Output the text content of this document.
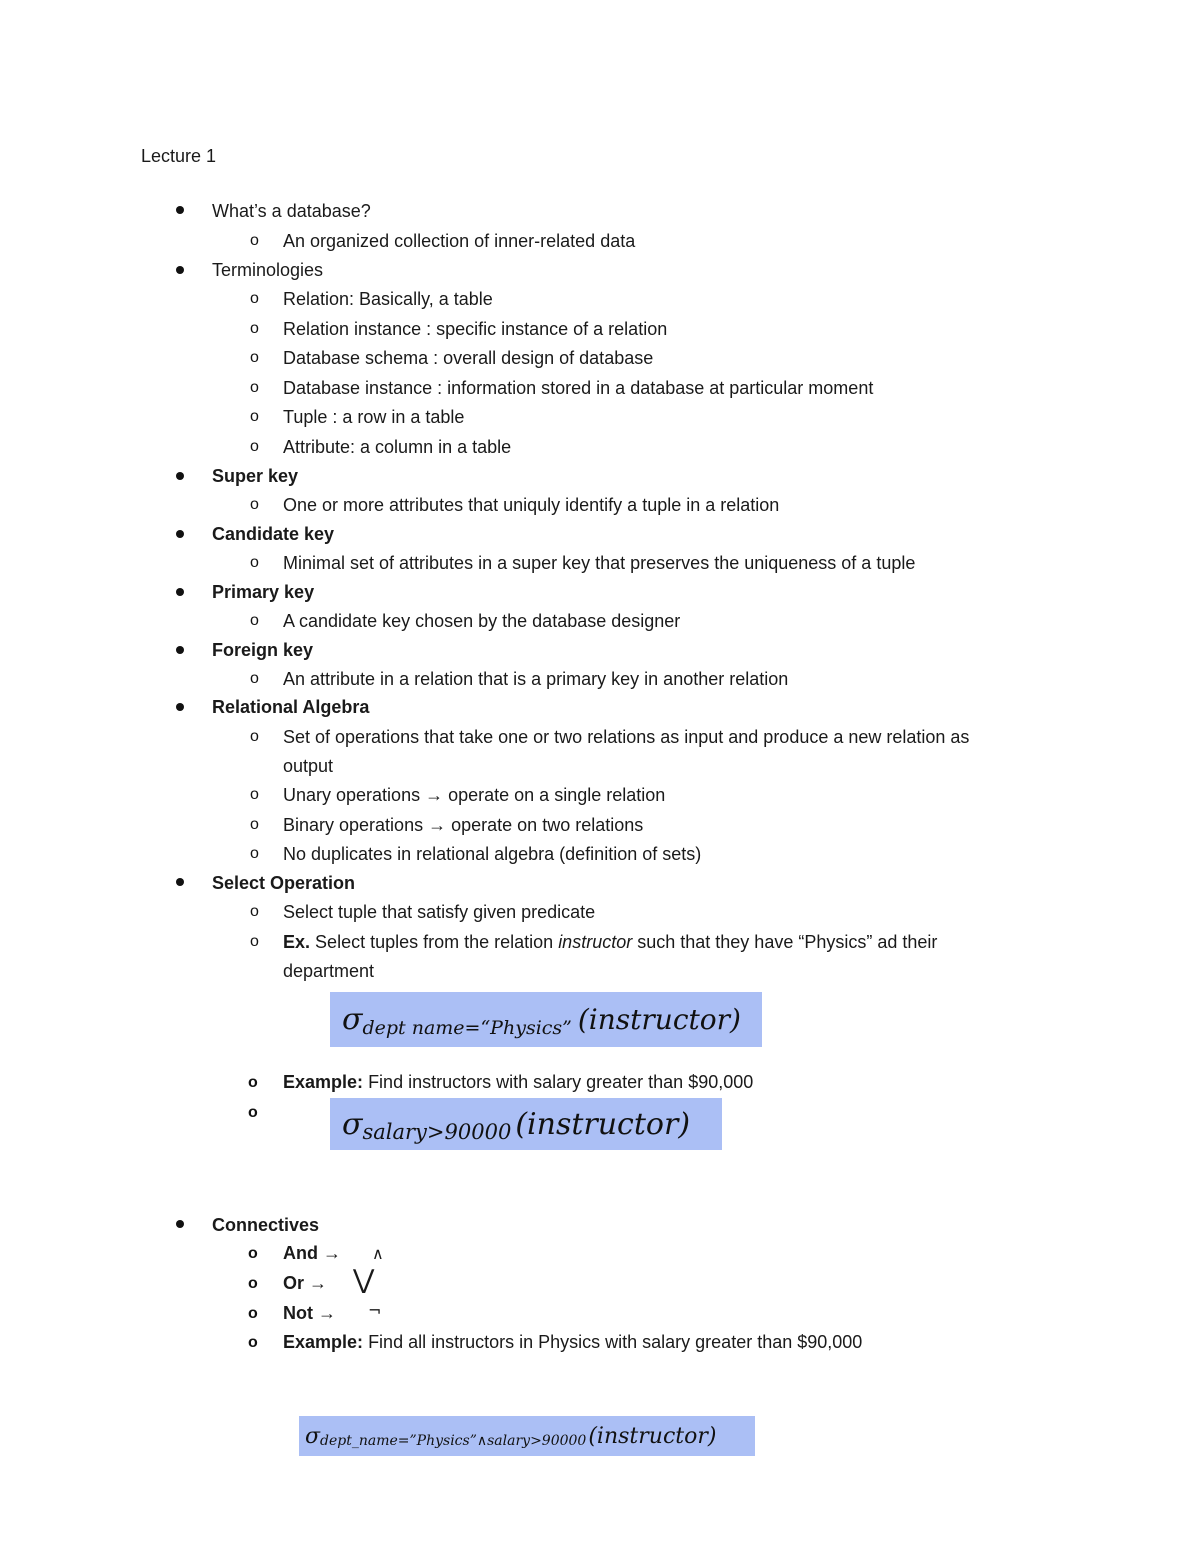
Lecture 1
What’s a database?
o An organized collection of inner-related data
Terminologies
o Relation: Basically, a table
o Relation instance : specific instance of a relation
o Database schema : overall design of database
o Database instance : information stored in a database at particular moment
o Tuple : a row in a table
o Attribute: a column in a table
Super key
o One or more attributes that uniquly identify a tuple in a relation
Candidate key
o Minimal set of attributes in a super key that preserves the uniqueness of a tuple
Primary key
o A candidate key chosen by the database designer
Foreign key
o An attribute in a relation that is a primary key in another relation
Relational Algebra
o Set of operations that take one or two relations as input and produce a new relation as
output
o Unary operations → operate on a single relation
o Binary operations → operate on two relations
o No duplicates in relational algebra (definition of sets)
Select Operation
o Select tuple that satisfy given predicate
o Ex. Select tuples from the relation instructor such that they have “Physics” ad their
department
σ dept name=“Physics” (instructor)
o Example: Find instructors with salary greater than $90,000
o	σ salary>90000 (instructor)
Connectives
o And → ∧
o Or → ⋁
o Not → ¬
o Example: Find all instructors in Physics with salary greater than $90,000
σ dept_name=”Physics”∧salary>90000 (instructor)
